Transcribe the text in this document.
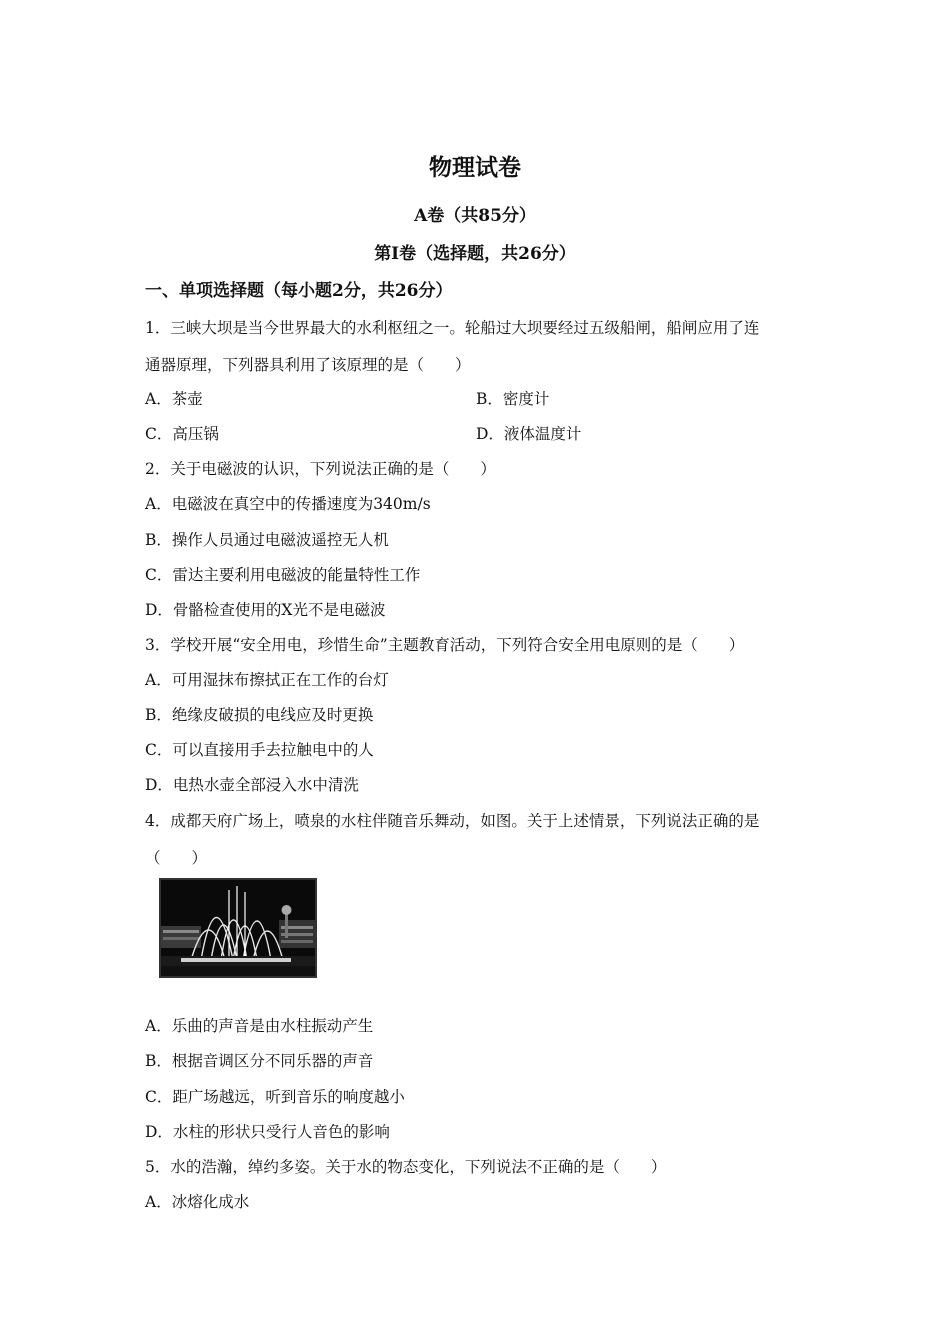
物理试卷
A卷（共85分）
第Ⅰ卷（选择题，共26分）
一、单项选择题（每小题2分，共26分）
1．三峡大坝是当今世界最大的水利枢纽之一。轮船过大坝要经过五级船闸，船闸应用了连
通器原理，下列器具利用了该原理的是（　　）
A．茶壶	B．密度计
C．高压锅	D．液体温度计
2．关于电磁波的认识，下列说法正确的是（　　）
A．电磁波在真空中的传播速度为340m/s
B．操作人员通过电磁波遥控无人机
C．雷达主要利用电磁波的能量特性工作
D．骨骼检查使用的X光不是电磁波
3．学校开展“安全用电，珍惜生命”主题教育活动，下列符合安全用电原则的是（　　）
A．可用湿抹布擦拭正在工作的台灯
B．绝缘皮破损的电线应及时更换
C．可以直接用手去拉触电中的人
D．电热水壶全部浸入水中清洗
4．成都天府广场上，喷泉的水柱伴随音乐舞动，如图。关于上述情景，下列说法正确的是
（　　）
A．乐曲的声音是由水柱振动产生
B．根据音调区分不同乐器的声音
C．距广场越远，听到音乐的响度越小
D．水柱的形状只受行人音色的影响
5．水的浩瀚，绰约多姿。关于水的物态变化，下列说法不正确的是（　　）
A．冰熔化成水
